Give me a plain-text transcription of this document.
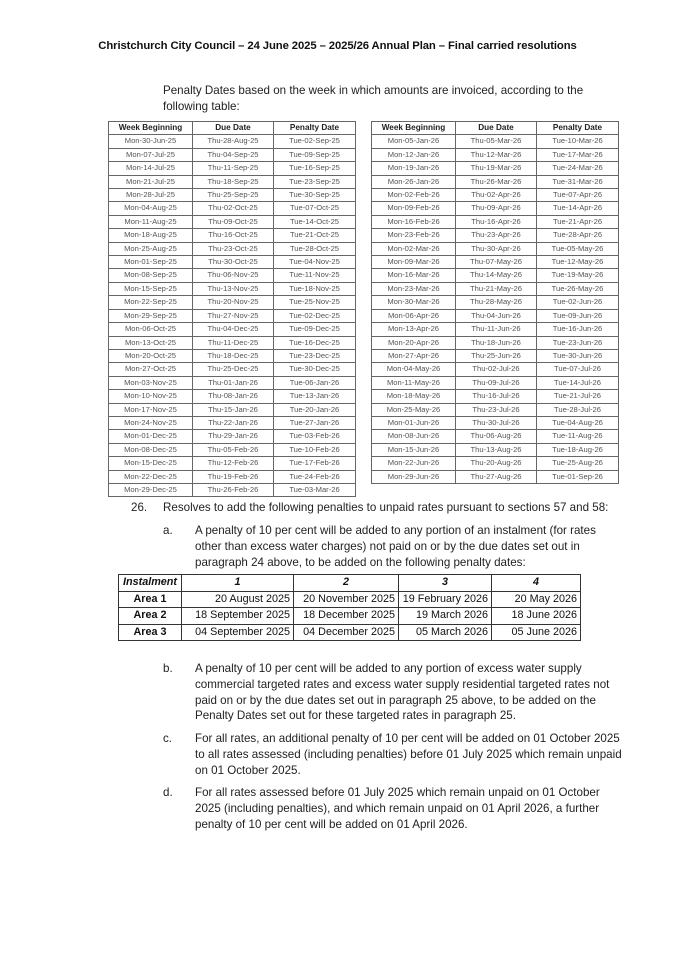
Christchurch City Council – 24 June 2025 – 2025/26 Annual Plan – Final carried resolutions
Penalty Dates based on the week in which amounts are invoiced, according to the following table:
Week Beginning	Due Date	Penalty Date
Mon-30-Jun-25	Thu-28-Aug-25	Tue-02-Sep-25
Mon-07-Jul-25	Thu-04-Sep-25	Tue-09-Sep-25
Mon-14-Jul-25	Thu-11-Sep-25	Tue-16-Sep-25
Mon-21-Jul-25	Thu-18-Sep-25	Tue-23-Sep-25
Mon-28-Jul-25	Thu-25-Sep-25	Tue-30-Sep-25
Mon-04-Aug-25	Thu-02-Oct-25	Tue-07-Oct-25
Mon-11-Aug-25	Thu-09-Oct-25	Tue-14-Oct-25
Mon-18-Aug-25	Thu-16-Oct-25	Tue-21-Oct-25
Mon-25-Aug-25	Thu-23-Oct-25	Tue-28-Oct-25
Mon-01-Sep-25	Thu-30-Oct-25	Tue-04-Nov-25
Mon-08-Sep-25	Thu-06-Nov-25	Tue-11-Nov-25
Mon-15-Sep-25	Thu-13-Nov-25	Tue-18-Nov-25
Mon-22-Sep-25	Thu-20-Nov-25	Tue-25-Nov-25
Mon-29-Sep-25	Thu-27-Nov-25	Tue-02-Dec-25
Mon-06-Oct-25	Thu-04-Dec-25	Tue-09-Dec-25
Mon-13-Oct-25	Thu-11-Dec-25	Tue-16-Dec-25
Mon-20-Oct-25	Thu-18-Dec-25	Tue-23-Dec-25
Mon-27-Oct-25	Thu-25-Dec-25	Tue-30-Dec-25
Mon-03-Nov-25	Thu-01-Jan-26	Tue-06-Jan-26
Mon-10-Nov-25	Thu-08-Jan-26	Tue-13-Jan-26
Mon-17-Nov-25	Thu-15-Jan-26	Tue-20-Jan-26
Mon-24-Nov-25	Thu-22-Jan-26	Tue-27-Jan-26
Mon-01-Dec-25	Thu-29-Jan-26	Tue-03-Feb-26
Mon-08-Dec-25	Thu-05-Feb-26	Tue-10-Feb-26
Mon-15-Dec-25	Thu-12-Feb-26	Tue-17-Feb-26
Mon-22-Dec-25	Thu-19-Feb-26	Tue-24-Feb-26
Mon-29-Dec-25	Thu-26-Feb-26	Tue-03-Mar-26
Week Beginning	Due Date	Penalty Date
Mon-05-Jan-26	Thu-05-Mar-26	Tue-10-Mar-26
Mon-12-Jan-26	Thu-12-Mar-26	Tue-17-Mar-26
Mon-19-Jan-26	Thu-19-Mar-26	Tue-24-Mar-26
Mon-26-Jan-26	Thu-26-Mar-26	Tue-31-Mar-26
Mon-02-Feb-26	Thu-02-Apr-26	Tue-07-Apr-26
Mon-09-Feb-26	Thu-09-Apr-26	Tue-14-Apr-26
Mon-16-Feb-26	Thu-16-Apr-26	Tue-21-Apr-26
Mon-23-Feb-26	Thu-23-Apr-26	Tue-28-Apr-26
Mon-02-Mar-26	Thu-30-Apr-26	Tue-05-May-26
Mon-09-Mar-26	Thu-07-May-26	Tue-12-May-26
Mon-16-Mar-26	Thu-14-May-26	Tue-19-May-26
Mon-23-Mar-26	Thu-21-May-26	Tue-26-May-26
Mon-30-Mar-26	Thu-28-May-26	Tue-02-Jun-26
Mon-06-Apr-26	Thu-04-Jun-26	Tue-09-Jun-26
Mon-13-Apr-26	Thu-11-Jun-26	Tue-16-Jun-26
Mon-20-Apr-26	Thu-18-Jun-26	Tue-23-Jun-26
Mon-27-Apr-26	Thu-25-Jun-26	Tue-30-Jun-26
Mon-04-May-26	Thu-02-Jul-26	Tue-07-Jul-26
Mon-11-May-26	Thu-09-Jul-26	Tue-14-Jul-26
Mon-18-May-26	Thu-16-Jul-26	Tue-21-Jul-26
Mon-25-May-26	Thu-23-Jul-26	Tue-28-Jul-26
Mon-01-Jun-26	Thu-30-Jul-26	Tue-04-Aug-26
Mon-08-Jun-26	Thu-06-Aug-26	Tue-11-Aug-26
Mon-15-Jun-26	Thu-13-Aug-26	Tue-18-Aug-26
Mon-22-Jun-26	Thu-20-Aug-26	Tue-25-Aug-26
Mon-29-Jun-26	Thu-27-Aug-26	Tue-01-Sep-26
26. Resolves to add the following penalties to unpaid rates pursuant to sections 57 and 58:
a. A penalty of 10 per cent will be added to any portion of an instalment (for rates other than excess water charges) not paid on or by the due dates set out in paragraph 24 above, to be added on the following penalty dates:
Instalment	1	2	3	4
Area 1	20 August 2025	20 November 2025	19 February 2026	20 May 2026
Area 2	18 September 2025	18 December 2025	19 March 2026	18 June 2026
Area 3	04 September 2025	04 December 2025	05 March 2026	05 June 2026
b. A penalty of 10 per cent will be added to any portion of excess water supply commercial targeted rates and excess water supply residential targeted rates not paid on or by the due dates set out in paragraph 25 above, to be added on the Penalty Dates set out for these targeted rates in paragraph 25.
c. For all rates, an additional penalty of 10 per cent will be added on 01 October 2025 to all rates assessed (including penalties) before 01 July 2025 which remain unpaid on 01 October 2025.
d. For all rates assessed before 01 July 2025 which remain unpaid on 01 October 2025 (including penalties), and which remain unpaid on 01 April 2026, a further penalty of 10 per cent will be added on 01 April 2026.
